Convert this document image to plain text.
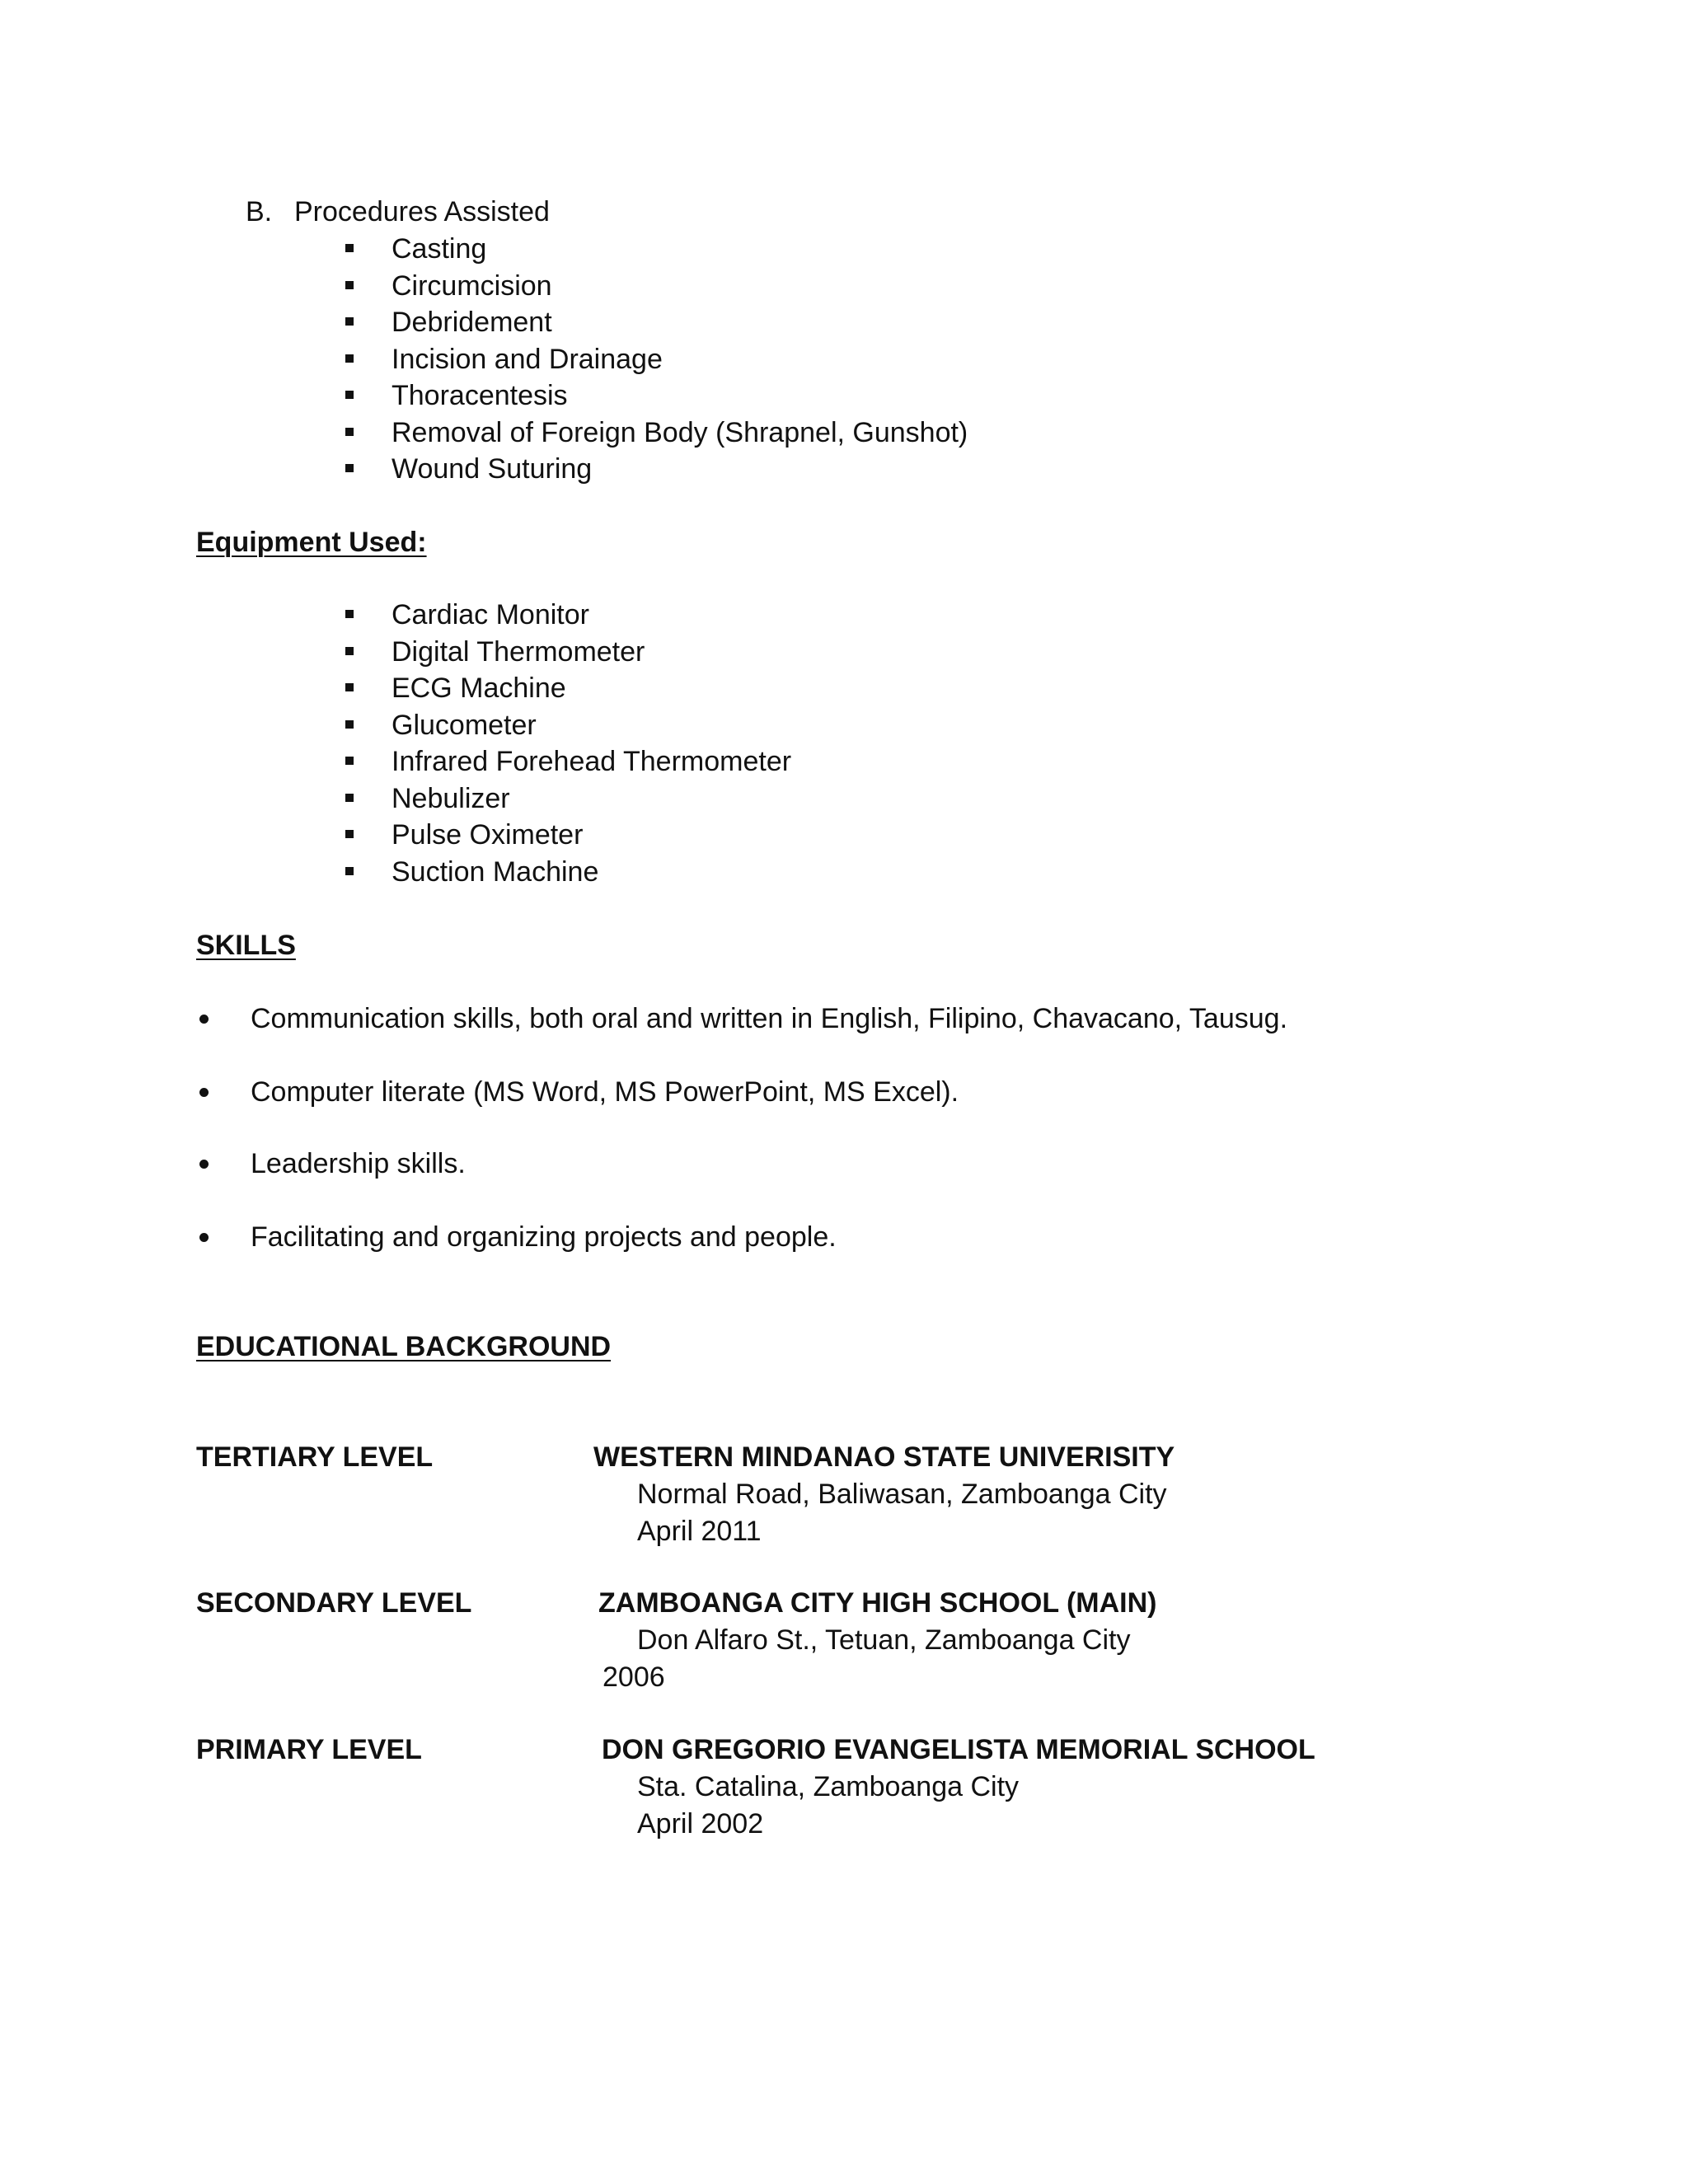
B. Procedures Assisted
Casting
Circumcision
Debridement
Incision and Drainage
Thoracentesis
Removal of Foreign Body (Shrapnel, Gunshot)
Wound Suturing
Equipment Used:
Cardiac Monitor
Digital Thermometer
ECG Machine
Glucometer
Infrared Forehead Thermometer
Nebulizer
Pulse Oximeter
Suction Machine
SKILLS
Communication skills, both oral and written in English, Filipino, Chavacano, Tausug.
Computer literate (MS Word, MS PowerPoint, MS Excel).
Leadership skills.
Facilitating and organizing projects and people.
EDUCATIONAL BACKGROUND
TERTIARY LEVEL	WESTERN MINDANAO STATE UNIVERISITY
Normal Road, Baliwasan, Zamboanga City
April 2011
SECONDARY LEVEL	ZAMBOANGA CITY HIGH SCHOOL (MAIN)
Don Alfaro St., Tetuan, Zamboanga City
2006
PRIMARY LEVEL	DON GREGORIO EVANGELISTA MEMORIAL SCHOOL
Sta. Catalina, Zamboanga City
April 2002
